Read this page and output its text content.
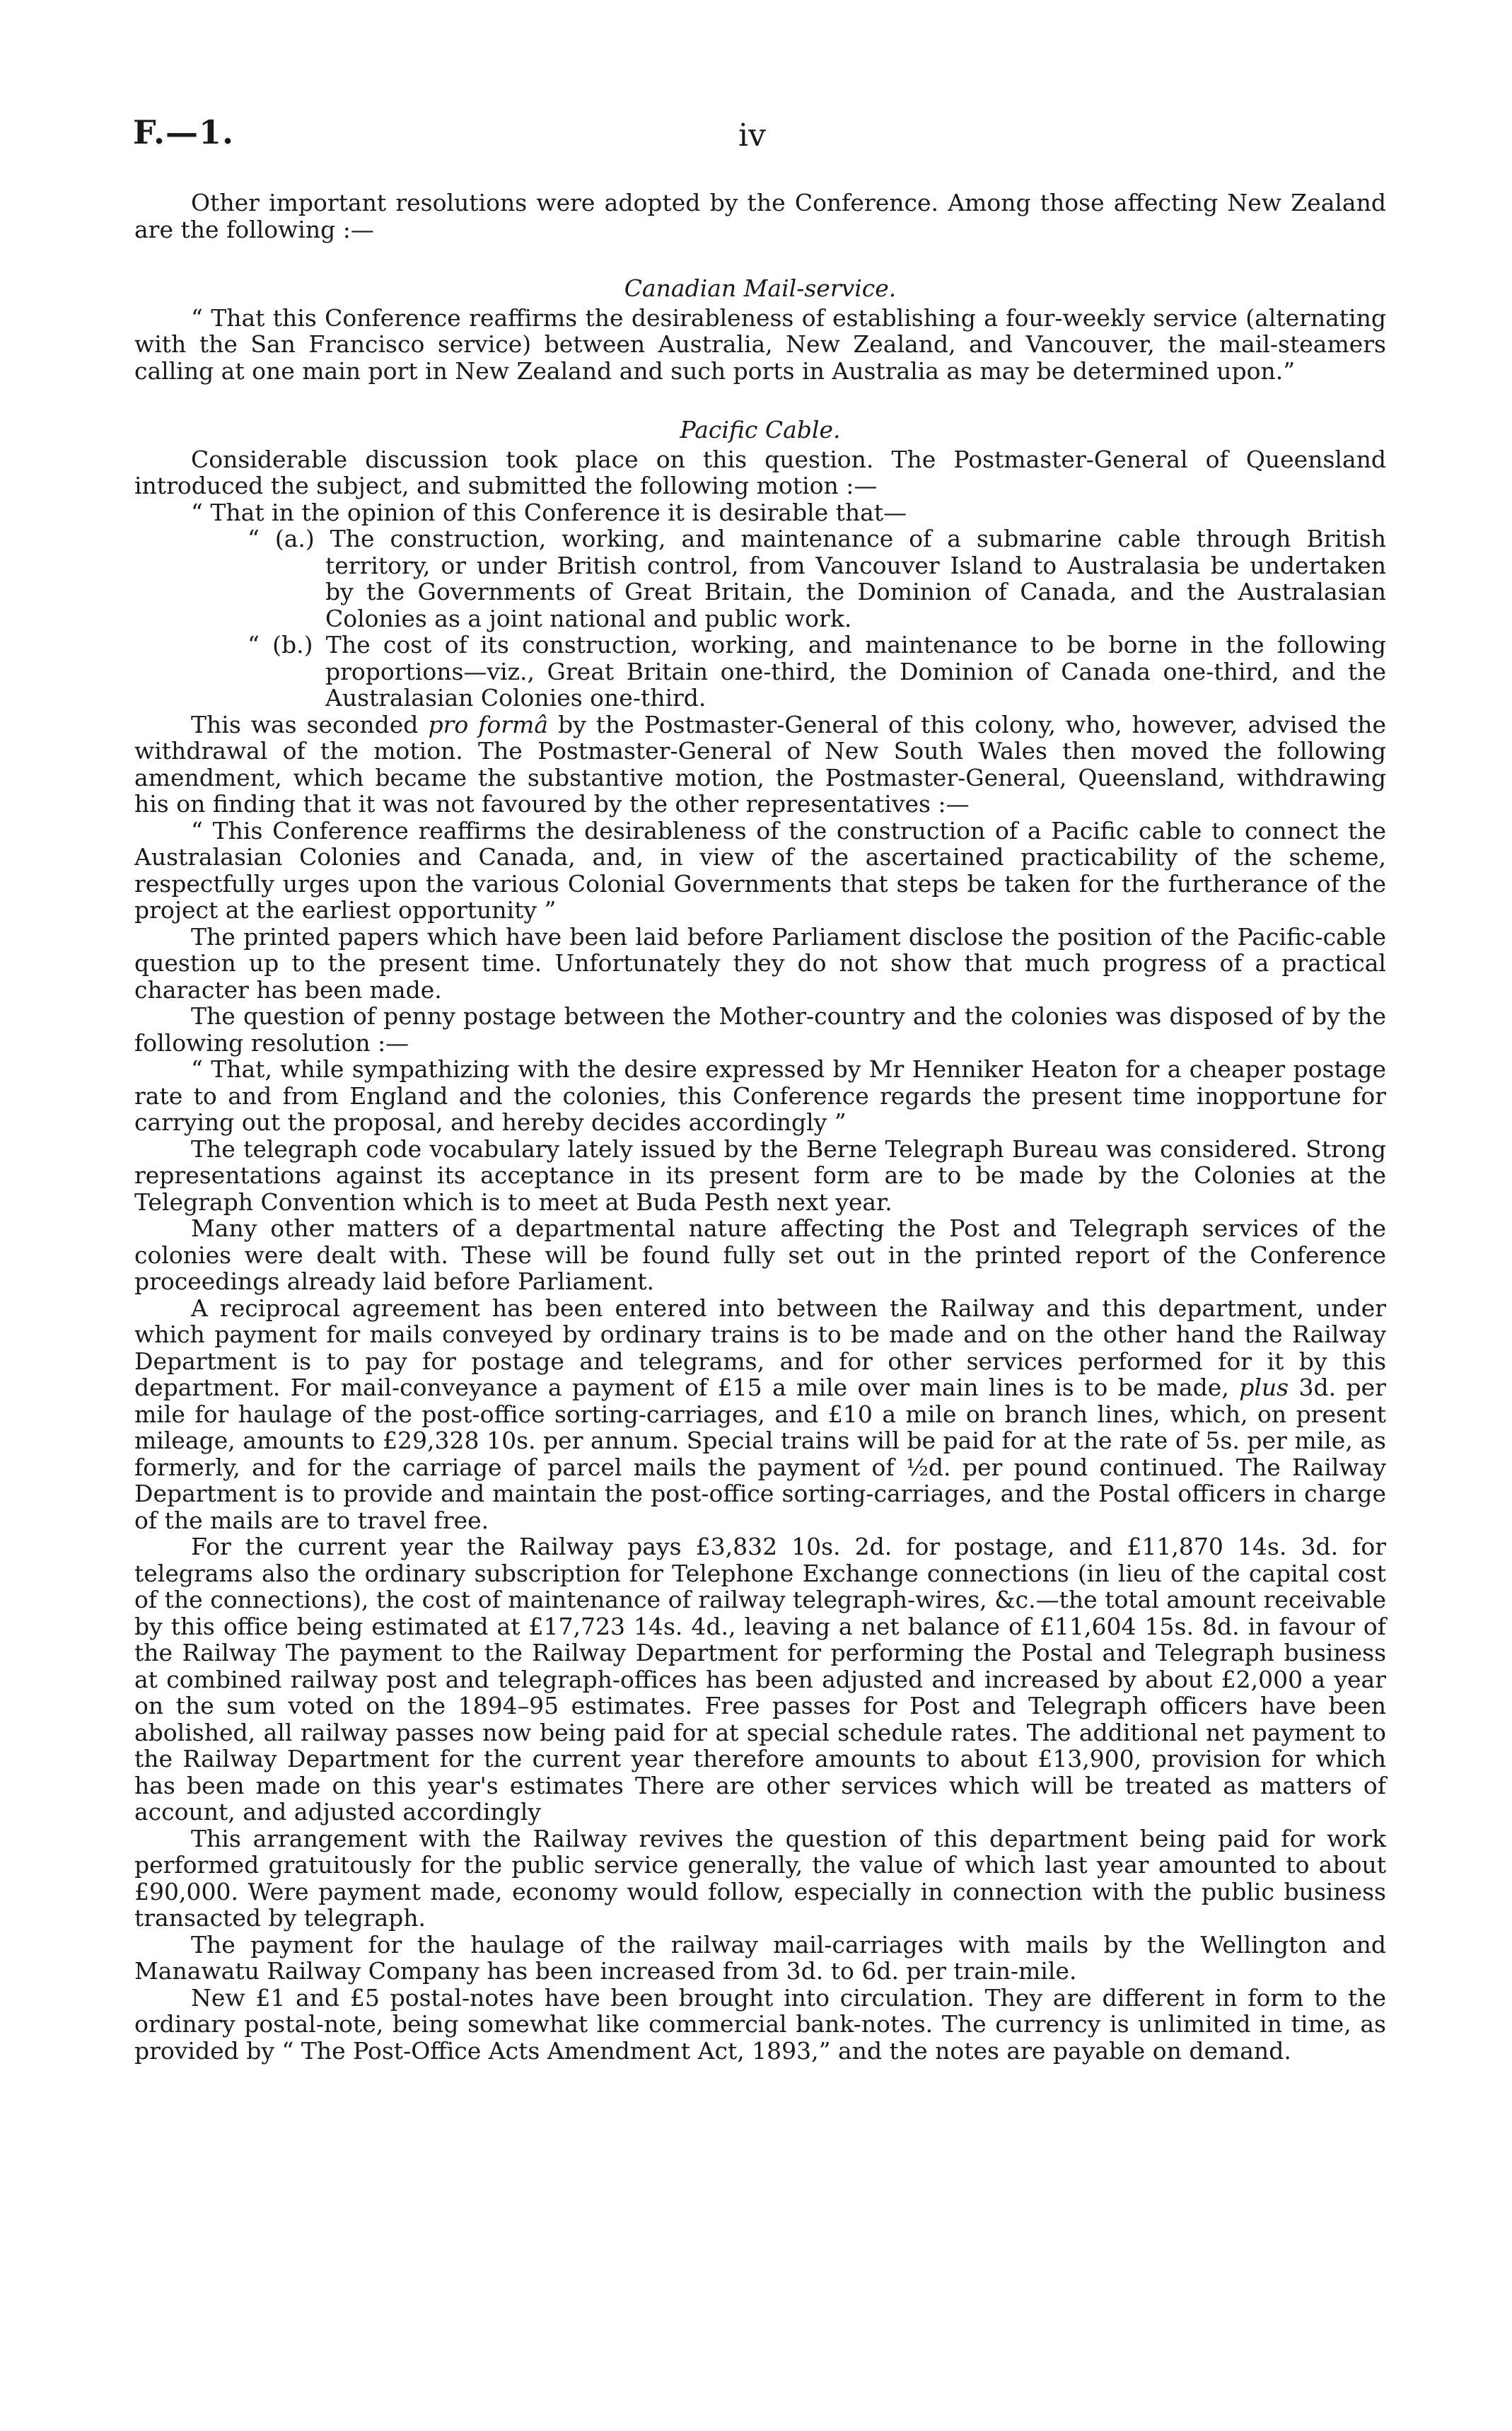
F.—1.	iv

Other important resolutions were adopted by the Conference. Among those affecting New Zealand are the following :—

Canadian Mail-service.

“ That this Conference reaffirms the desirableness of establishing a four-weekly service (alternating with the San Francisco service) between Australia, New Zealand, and Vancouver, the mail-steamers calling at one main port in New Zealand and such ports in Australia as may be determined upon.”

Pacific Cable.

Considerable discussion took place on this question. The Postmaster-General of Queensland introduced the subject, and submitted the following motion :—

“ That in the opinion of this Conference it is desirable that—

“ (a.) The construction, working, and maintenance of a submarine cable through British territory, or under British control, from Vancouver Island to Australasia be undertaken by the Governments of Great Britain, the Dominion of Canada, and the Australasian Colonies as a joint national and public work.

“ (b.) The cost of its construction, working, and maintenance to be borne in the following proportions—viz., Great Britain one-third, the Dominion of Canada one-third, and the Australasian Colonies one-third.

This was seconded pro formâ by the Postmaster-General of this colony, who, however, advised the withdrawal of the motion. The Postmaster-General of New South Wales then moved the following amendment, which became the substantive motion, the Postmaster-General, Queensland, withdrawing his on finding that it was not favoured by the other representatives :—

“ This Conference reaffirms the desirableness of the construction of a Pacific cable to connect the Australasian Colonies and Canada, and, in view of the ascertained practicability of the scheme, respectfully urges upon the various Colonial Governments that steps be taken for the furtherance of the project at the earliest opportunity ”

The printed papers which have been laid before Parliament disclose the position of the Pacific-cable question up to the present time. Unfortunately they do not show that much progress of a practical character has been made.

The question of penny postage between the Mother-country and the colonies was disposed of by the following resolution :—

“ That, while sympathizing with the desire expressed by Mr Henniker Heaton for a cheaper postage rate to and from England and the colonies, this Conference regards the present time inopportune for carrying out the proposal, and hereby decides accordingly ”

The telegraph code vocabulary lately issued by the Berne Telegraph Bureau was considered. Strong representations against its acceptance in its present form are to be made by the Colonies at the Telegraph Convention which is to meet at Buda Pesth next year.

Many other matters of a departmental nature affecting the Post and Telegraph services of the colonies were dealt with. These will be found fully set out in the printed report of the Conference proceedings already laid before Parliament.

A reciprocal agreement has been entered into between the Railway and this department, under which payment for mails conveyed by ordinary trains is to be made and on the other hand the Railway Department is to pay for postage and telegrams, and for other services performed for it by this department. For mail-conveyance a payment of £15 a mile over main lines is to be made, plus 3d. per mile for haulage of the post-office sorting-carriages, and £10 a mile on branch lines, which, on present mileage, amounts to £29,328 10s. per annum. Special trains will be paid for at the rate of 5s. per mile, as formerly, and for the carriage of parcel mails the payment of ½d. per pound continued. The Railway Department is to provide and maintain the post-office sorting-carriages, and the Postal officers in charge of the mails are to travel free.

For the current year the Railway pays £3,832 10s. 2d. for postage, and £11,870 14s. 3d. for telegrams also the ordinary subscription for Telephone Exchange connections (in lieu of the capital cost of the connections), the cost of maintenance of railway telegraph-wires, &c.—the total amount receivable by this office being estimated at £17,723 14s. 4d., leaving a net balance of £11,604 15s. 8d. in favour of the Railway The payment to the Railway Department for performing the Postal and Telegraph business at combined railway post and telegraph-offices has been adjusted and increased by about £2,000 a year on the sum voted on the 1894–95 estimates. Free passes for Post and Telegraph officers have been abolished, all railway passes now being paid for at special schedule rates. The additional net payment to the Railway Department for the current year therefore amounts to about £13,900, provision for which has been made on this year's estimates There are other services which will be treated as matters of account, and adjusted accordingly

This arrangement with the Railway revives the question of this department being paid for work performed gratuitously for the public service generally, the value of which last year amounted to about £90,000. Were payment made, economy would follow, especially in connection with the public business transacted by telegraph.

The payment for the haulage of the railway mail-carriages with mails by the Wellington and Manawatu Railway Company has been increased from 3d. to 6d. per train-mile.

New £1 and £5 postal-notes have been brought into circulation. They are different in form to the ordinary postal-note, being somewhat like commercial bank-notes. The currency is unlimited in time, as provided by “ The Post-Office Acts Amendment Act, 1893,” and the notes are payable on demand.
